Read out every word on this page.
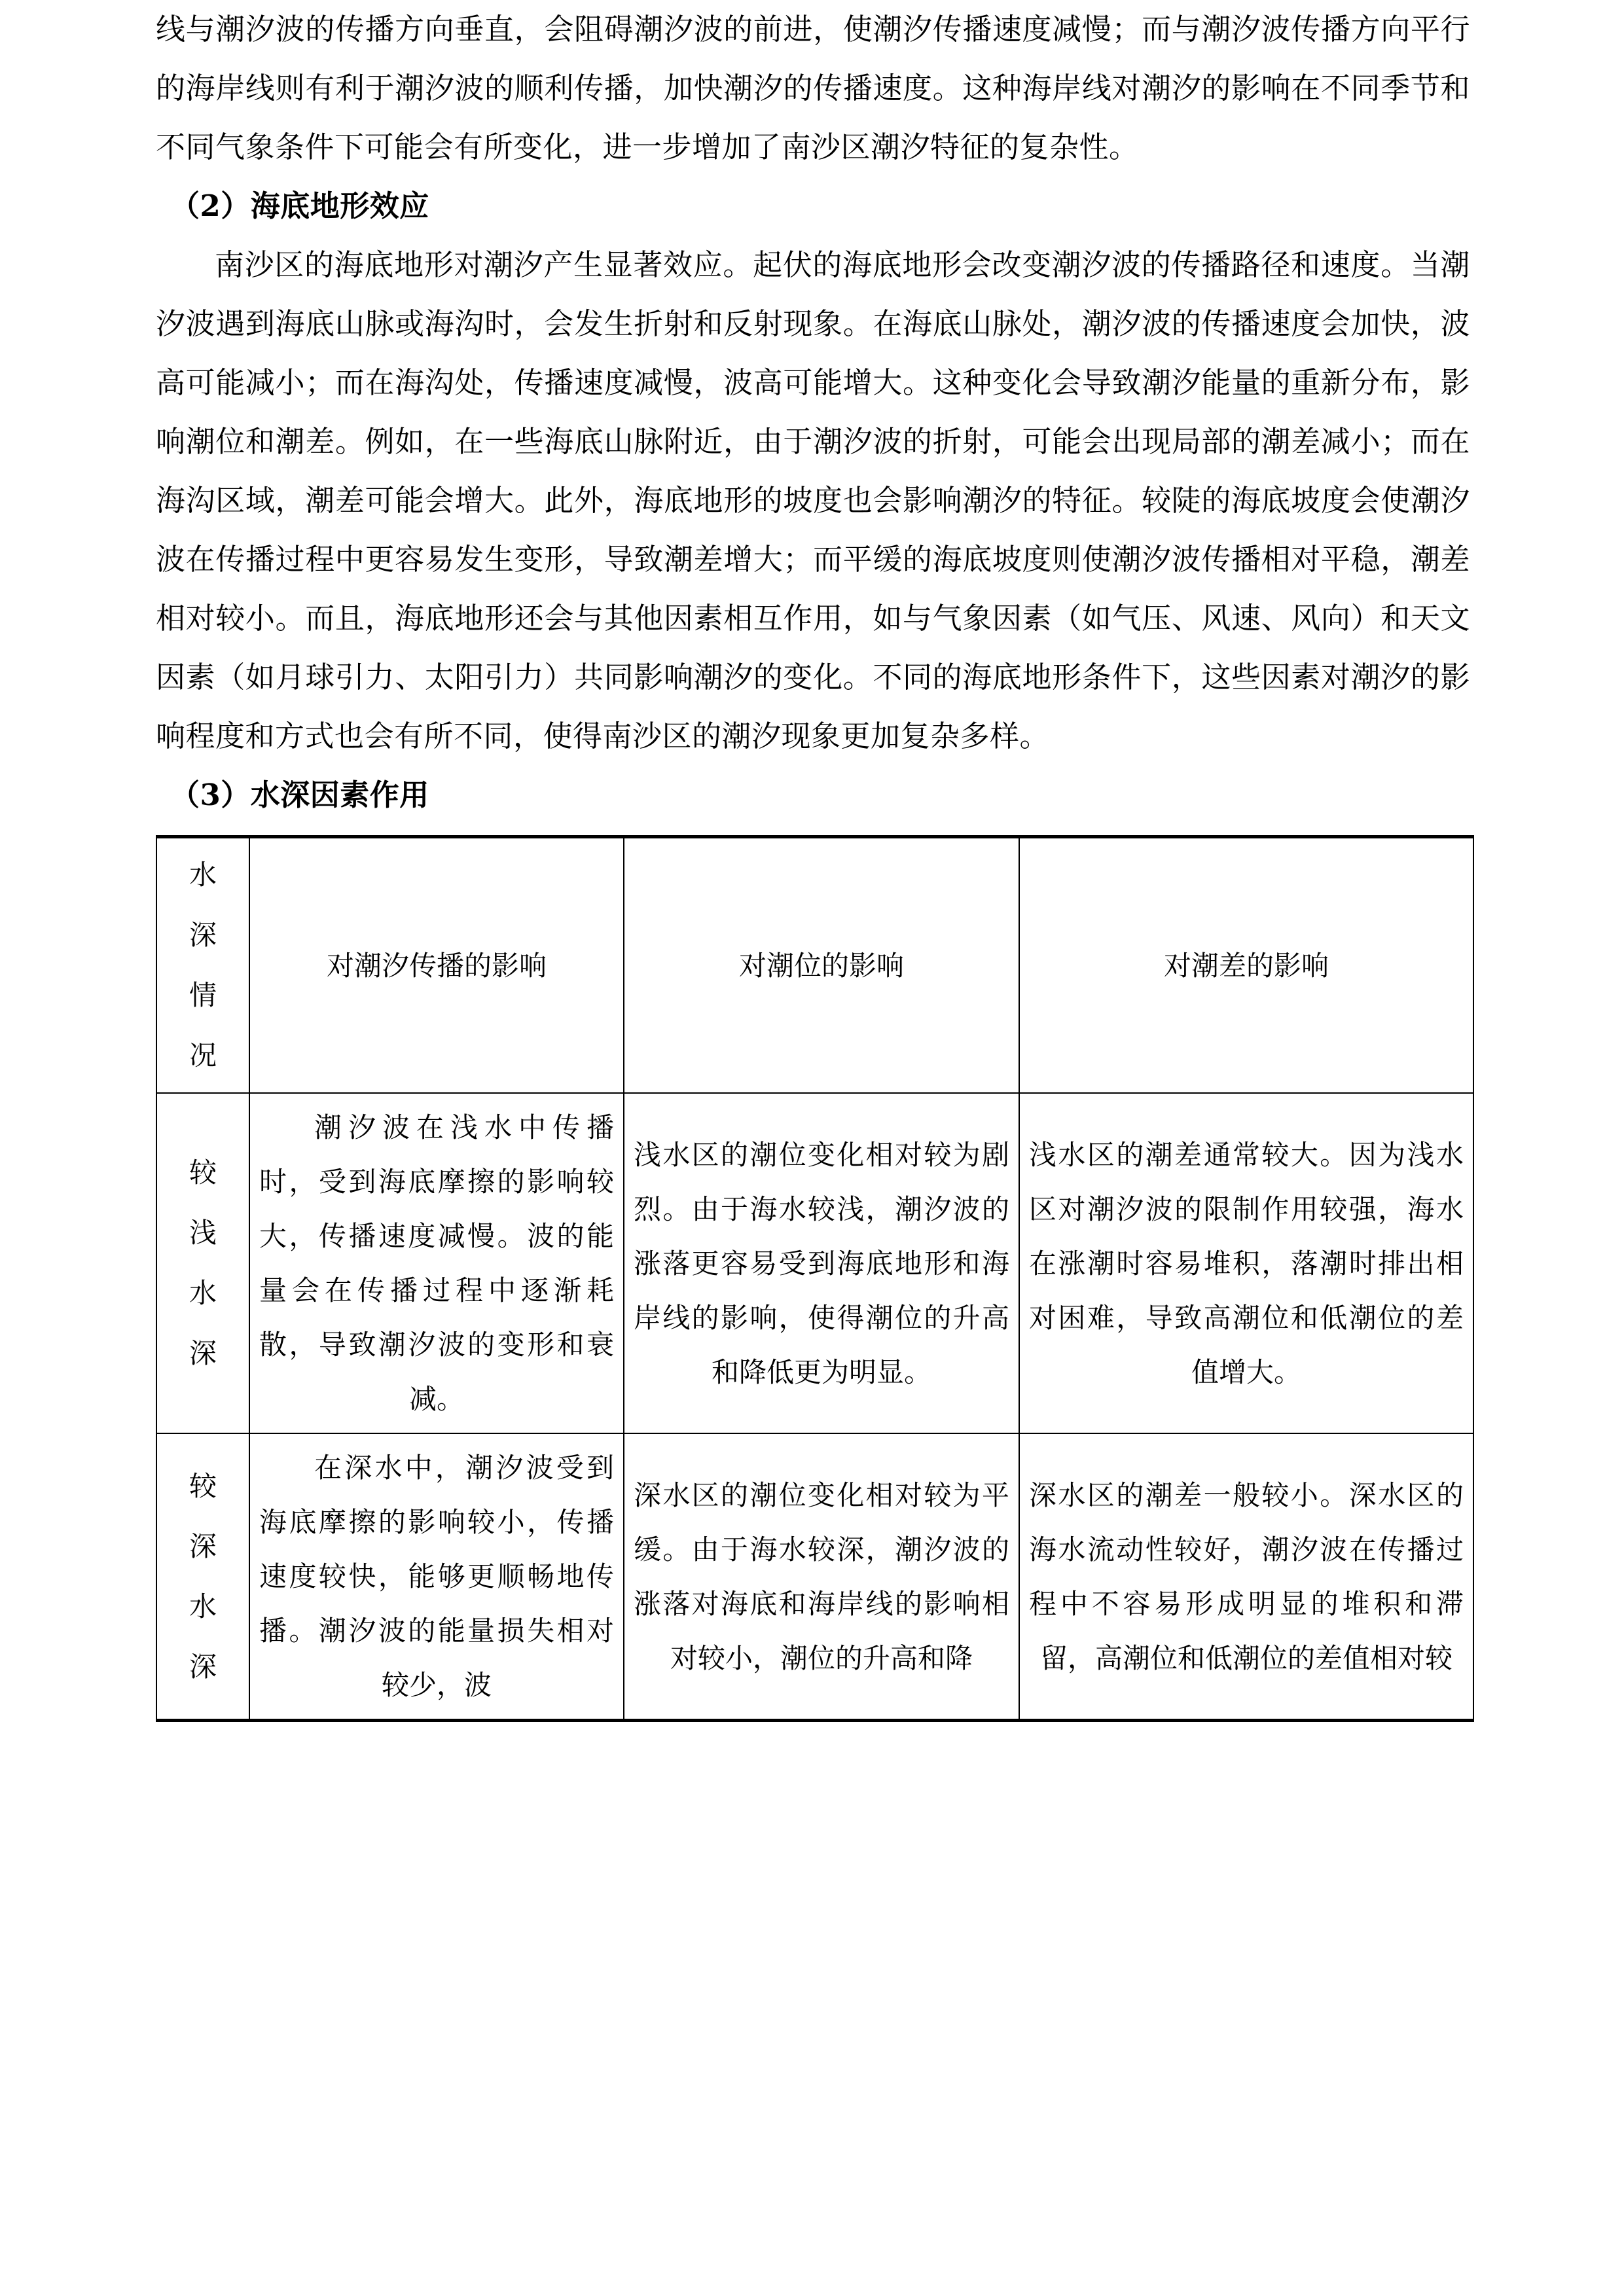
线与潮汐波的传播方向垂直，会阻碍潮汐波的前进，使潮汐传播速度减慢；而与潮汐波传播方向平行的海岸线则有利于潮汐波的顺利传播，加快潮汐的传播速度。这种海岸线对潮汐的影响在不同季节和不同气象条件下可能会有所变化，进一步增加了南沙区潮汐特征的复杂性。

（2）海底地形效应

南沙区的海底地形对潮汐产生显著效应。起伏的海底地形会改变潮汐波的传播路径和速度。当潮汐波遇到海底山脉或海沟时，会发生折射和反射现象。在海底山脉处，潮汐波的传播速度会加快，波高可能减小；而在海沟处，传播速度减慢，波高可能增大。这种变化会导致潮汐能量的重新分布，影响潮位和潮差。例如，在一些海底山脉附近，由于潮汐波的折射，可能会出现局部的潮差减小；而在海沟区域，潮差可能会增大。此外，海底地形的坡度也会影响潮汐的特征。较陡的海底坡度会使潮汐波在传播过程中更容易发生变形，导致潮差增大；而平缓的海底坡度则使潮汐波传播相对平稳，潮差相对较小。而且，海底地形还会与其他因素相互作用，如与气象因素（如气压、风速、风向）和天文因素（如月球引力、太阳引力）共同影响潮汐的变化。不同的海底地形条件下，这些因素对潮汐的影响程度和方式也会有所不同，使得南沙区的潮汐现象更加复杂多样。

（3）水深因素作用
水
深
情
况	对潮汐传播的影响	对潮位的影响	对潮差的影响

较
浅
水
深	潮汐波在浅水中传播时，受到海底摩擦的影响较大，传播速度减慢。波的能量会在传播过程中逐渐耗散，导致潮汐波的变形和衰减。	浅水区的潮位变化相对较为剧烈。由于海水较浅，潮汐波的涨落更容易受到海底地形和海岸线的影响，使得潮位的升高和降低更为明显。	浅水区的潮差通常较大。因为浅水区对潮汐波的限制作用较强，海水在涨潮时容易堆积，落潮时排出相对困难，导致高潮位和低潮位的差值增大。

较
深
水
深	在深水中，潮汐波受到海底摩擦的影响较小，传播速度较快，能够更顺畅地传播。潮汐波的能量损失相对较少，波	深水区的潮位变化相对较为平缓。由于海水较深，潮汐波的涨落对海底和海岸线的影响相对较小，潮位的升高和降	深水区的潮差一般较小。深水区的海水流动性较好，潮汐波在传播过程中不容易形成明显的堆积和滞留，高潮位和低潮位的差值相对较
